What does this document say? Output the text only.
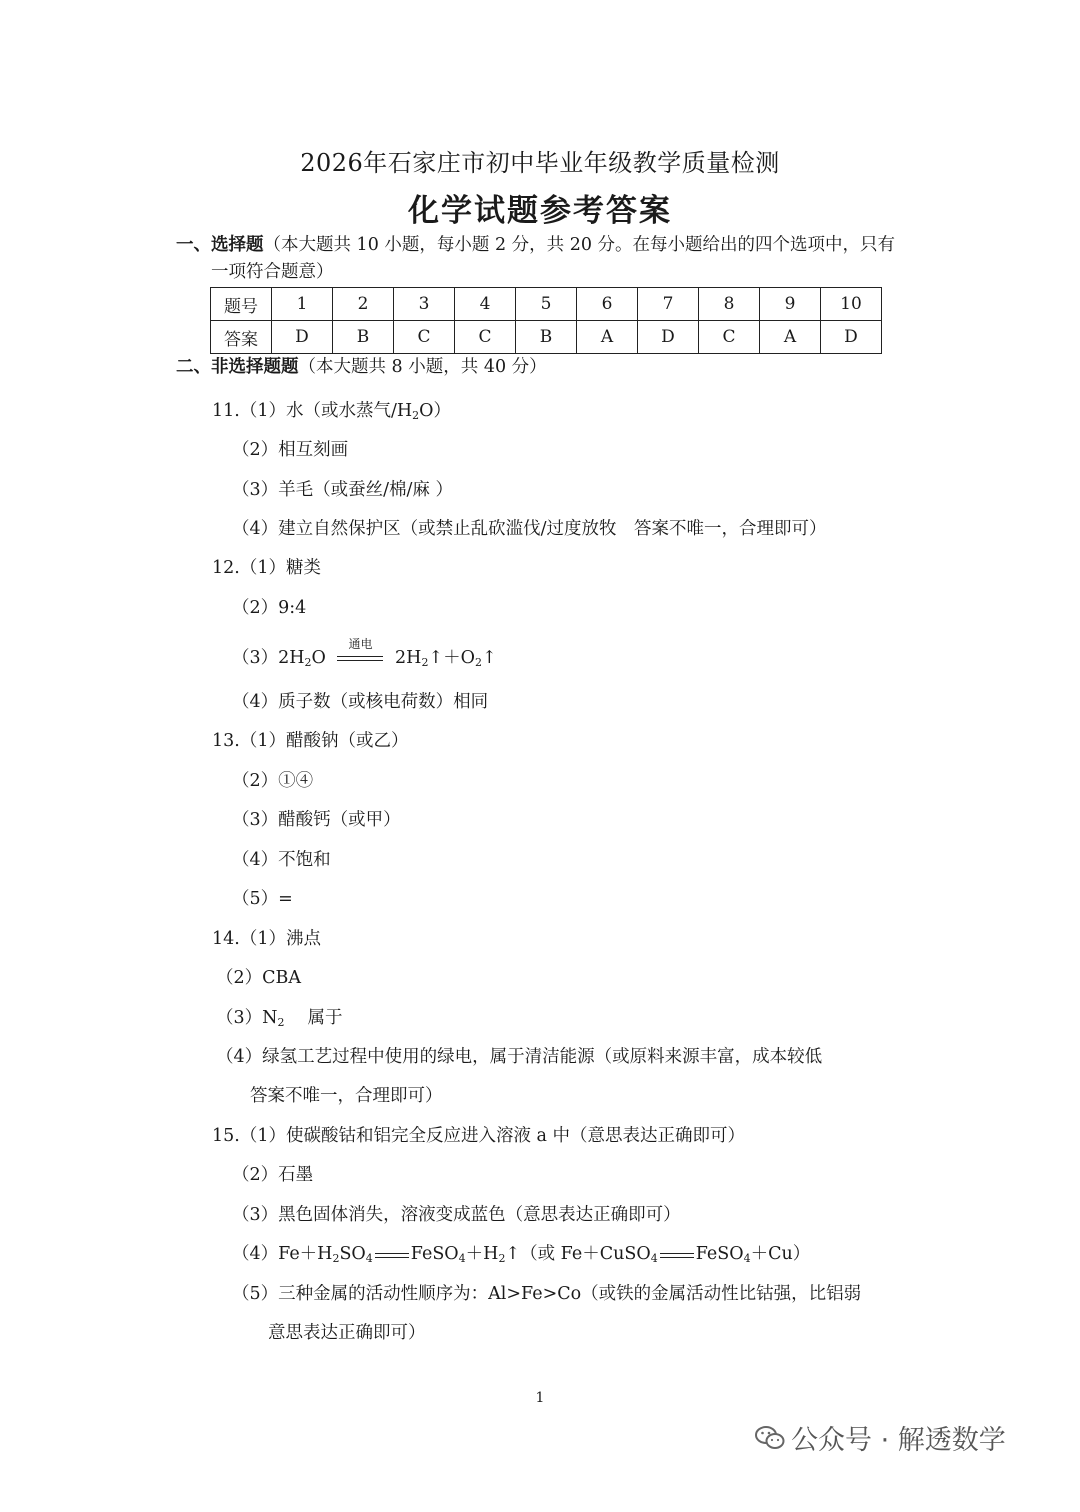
2026年石家庄市初中毕业年级教学质量检测
化学试题参考答案
一、选择题（本大题共 10 小题，每小题 2 分，共 20 分。在每小题给出的四个选项中，只有
一项符合题意）
题号	1	2	3	4	5	6	7	8	9	10
答案	D	B	C	C	B	A	D	C	A	D
二、非选择题题（本大题共 8 小题，共 40 分）
11.（1）水（或水蒸气$/H_2O$）
（2）相互刻画
（3）羊毛（或蚕丝/棉/麻 ）
（4）建立自然保护区（或禁止乱砍滥伐/过度放牧　答案不唯一，合理即可）
12.（1）糖类
（2）9:4
$(3)2H_2O$
通电
$2H_2↑+O_2↑$
（4）质子数（或核电荷数）相同
13.（1）醋酸钠（或乙）
（2）①④
（3）醋酸钙（或甲）
（4）不饱和
（5）=
14.（1）沸点
（2）CBA
$(3)N_2$　 属于
（4）绿氢工艺过程中使用的绿电，属于清洁能源（或原料来源丰富，成本较低
答案不唯一，合理即可）
15.（1）使碳酸钴和铝完全反应进入溶液 a 中（意思表达正确即可）
（2）石墨
（3）黑色固体消失，溶液变成蓝色（意思表达正确即可）
$(4)Fe+H_2SO_4$ $FeSO_4+H_2↑$（或 Fe＋CuSO$_4$ FeSO$_4$＋Cu）
（5）三种金属的活动性顺序为：Al>Fe>Co（或铁的金属活动性比钴强，比铝弱
意思表达正确即可）
1
公众号 · 解透数学
